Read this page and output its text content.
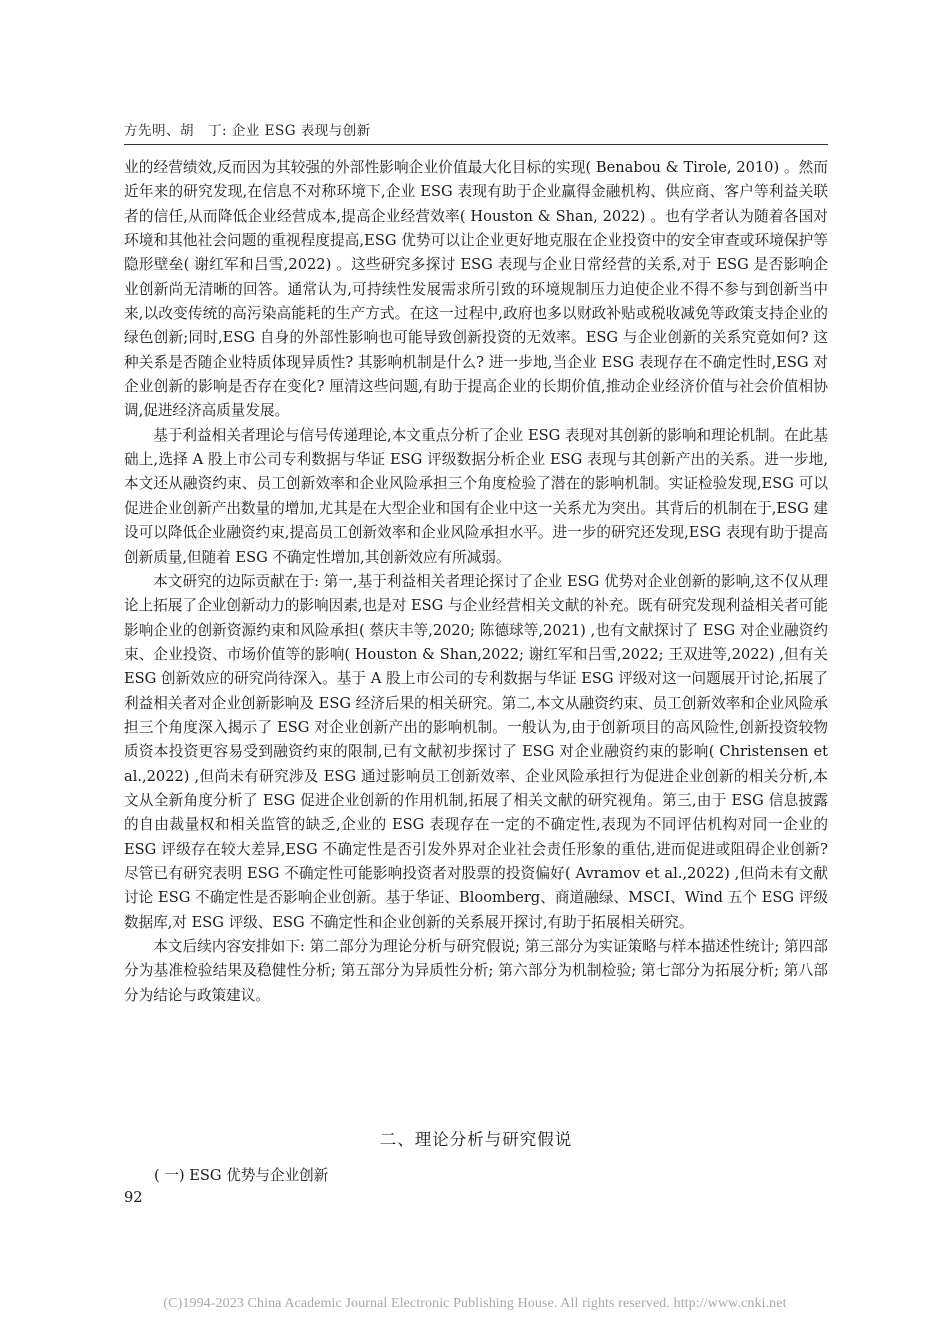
方先明、胡　丁: 企业 ESG 表现与创新

业的经营绩效,反而因为其较强的外部性影响企业价值最大化目标的实现( Benabou & Tirole, 2010) 。然而近年来的研究发现,在信息不对称环境下,企业 ESG 表现有助于企业赢得金融机构、供应商、客户等利益关联者的信任,从而降低企业经营成本,提高企业经营效率( Houston & Shan, 2022) 。也有学者认为随着各国对环境和其他社会问题的重视程度提高,ESG 优势可以让企业更好地克服在企业投资中的安全审查或环境保护等隐形壁垒( 谢红军和吕雪,2022) 。这些研究多探讨 ESG 表现与企业日常经营的关系,对于 ESG 是否影响企业创新尚无清晰的回答。通常认为,可持续性发展需求所引致的环境规制压力迫使企业不得不参与到创新当中来,以改变传统的高污染高能耗的生产方式。在这一过程中,政府也多以财政补贴或税收减免等政策支持企业的绿色创新;同时,ESG 自身的外部性影响也可能导致创新投资的无效率。ESG 与企业创新的关系究竟如何? 这种关系是否随企业特质体现异质性? 其影响机制是什么? 进一步地,当企业 ESG 表现存在不确定性时,ESG 对企业创新的影响是否存在变化? 厘清这些问题,有助于提高企业的长期价值,推动企业经济价值与社会价值相协调,促进经济高质量发展。

基于利益相关者理论与信号传递理论,本文重点分析了企业 ESG 表现对其创新的影响和理论机制。在此基础上,选择 A 股上市公司专利数据与华证 ESG 评级数据分析企业 ESG 表现与其创新产出的关系。进一步地,本文还从融资约束、员工创新效率和企业风险承担三个角度检验了潜在的影响机制。实证检验发现,ESG 可以促进企业创新产出数量的增加,尤其是在大型企业和国有企业中这一关系尤为突出。其背后的机制在于,ESG 建设可以降低企业融资约束,提高员工创新效率和企业风险承担水平。进一步的研究还发现,ESG 表现有助于提高创新质量,但随着 ESG 不确定性增加,其创新效应有所减弱。

本文研究的边际贡献在于: 第一,基于利益相关者理论探讨了企业 ESG 优势对企业创新的影响,这不仅从理论上拓展了企业创新动力的影响因素,也是对 ESG 与企业经营相关文献的补充。既有研究发现利益相关者可能影响企业的创新资源约束和风险承担( 蔡庆丰等,2020; 陈德球等,2021) ,也有文献探讨了 ESG 对企业融资约束、企业投资、市场价值等的影响( Houston & Shan,2022; 谢红军和吕雪,2022; 王双进等,2022) ,但有关 ESG 创新效应的研究尚待深入。基于 A 股上市公司的专利数据与华证 ESG 评级对这一问题展开讨论,拓展了利益相关者对企业创新影响及 ESG 经济后果的相关研究。第二,本文从融资约束、员工创新效率和企业风险承担三个角度深入揭示了 ESG 对企业创新产出的影响机制。一般认为,由于创新项目的高风险性,创新投资较物质资本投资更容易受到融资约束的限制,已有文献初步探讨了 ESG 对企业融资约束的影响( Christensen et al.,2022) ,但尚未有研究涉及 ESG 通过影响员工创新效率、企业风险承担行为促进企业创新的相关分析,本文从全新角度分析了 ESG 促进企业创新的作用机制,拓展了相关文献的研究视角。第三,由于 ESG 信息披露的自由裁量权和相关监管的缺乏,企业的 ESG 表现存在一定的不确定性,表现为不同评估机构对同一企业的 ESG 评级存在较大差异,ESG 不确定性是否引发外界对企业社会责任形象的重估,进而促进或阻碍企业创新? 尽管已有研究表明 ESG 不确定性可能影响投资者对股票的投资偏好( Avramov et al.,2022) ,但尚未有文献讨论 ESG 不确定性是否影响企业创新。基于华证、Bloomberg、商道融绿、MSCI、Wind 五个 ESG 评级数据库,对 ESG 评级、ESG 不确定性和企业创新的关系展开探讨,有助于拓展相关研究。

本文后续内容安排如下: 第二部分为理论分析与研究假说; 第三部分为实证策略与样本描述性统计; 第四部分为基准检验结果及稳健性分析; 第五部分为异质性分析; 第六部分为机制检验; 第七部分为拓展分析; 第八部分为结论与政策建议。

二、理论分析与研究假说
( 一) ESG 优势与企业创新
92
(C)1994-2023 China Academic Journal Electronic Publishing House. All rights reserved. http://www.cnki.net
